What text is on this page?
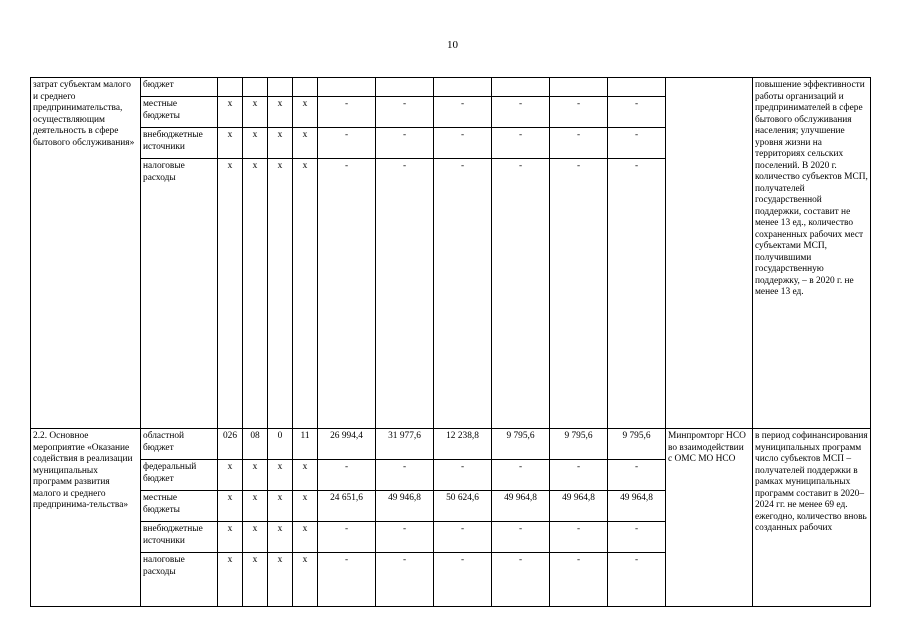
10
затрат субъектам малого и среднего предпринимательства, осуществляющим деятельность в сфере бытового обслуживания»	бюджет												повышение эффективности работы организаций и предпринимателей в сфере бытового обслуживания населения; улучшение уровня жизни на территориях сельских поселений. В 2020 г. количество субъектов МСП, получателей государственной поддержки, составит не менее 13 ед., количество сохраненных рабочих мест субъектами МСП, получившими государственную поддержку, – в 2020 г. не менее 13 ед.
	местные бюджеты	x	x	x	x	-	-	-	-	-	-		
	внебюджетные источники	x	x	x	x	-	-	-	-	-	-		
	налоговые расходы	x	x	x	x	-	-	-	-	-	-		
2.2. Основное мероприятие «Оказание содействия в реализации муниципальных программ развития малого и среднего предпринима-тельства»	областной бюджет	026	08	0	11	26 994,4	31 977,6	12 238,8	9 795,6	9 795,6	9 795,6	Минпромторг НСО во взаимодействии с ОМС МО НСО	в период софинансирования муниципальных программ число субъектов МСП – получателей поддержки в рамках муниципальных программ составит в 2020–2024 гг. не менее 69 ед. ежегодно, количество вновь созданных рабочих
	федеральный бюджет	x	x	x	x	-	-	-	-	-	-		
	местные бюджеты	x	x	x	x	24 651,6	49 946,8	50 624,6	49 964,8	49 964,8	49 964,8		
	внебюджетные источники	x	x	x	x	-	-	-	-	-	-		
	налоговые расходы	x	x	x	x	-	-	-	-	-	-		
